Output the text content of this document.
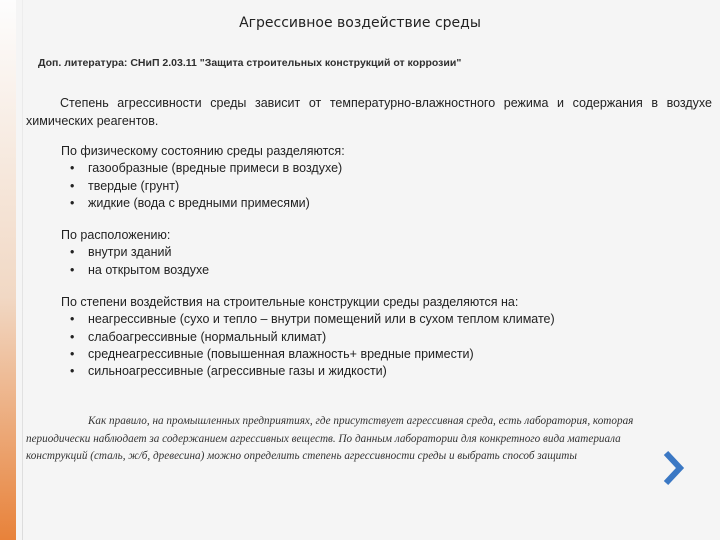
Агрессивное воздействие среды
Доп. литература: СНиП 2.03.11 "Защита строительных конструкций от коррозии"
Степень агрессивности среды зависит от температурно-влажностного режима и содержания в воздухе химических реагентов.

По физическому состоянию среды разделяются:

• газообразные (вредные примеси в воздухе)
• твердые (грунт)
• жидкие (вода с вредными примесями)

По расположению:

• внутри зданий
• на открытом воздухе

По степени воздействия на строительные конструкции среды разделяются на:

• неагрессивные (сухо и тепло – внутри помещений или в сухом теплом климате)
• слабоагрессивные (нормальный климат)
• среднеагрессивные (повышенная влажность+ вредные примести)
• сильноагрессивные (агрессивные газы и жидкости)
Как правило, на промышленных предприятиях, где присутствует агрессивная среда, есть лаборатория, которая периодически наблюдает за содержанием агрессивных веществ. По данным лаборатории для конкретного вида материала конструкций (сталь, ж/б, древесина) можно определить степень агрессивности среды и выбрать способ защиты
